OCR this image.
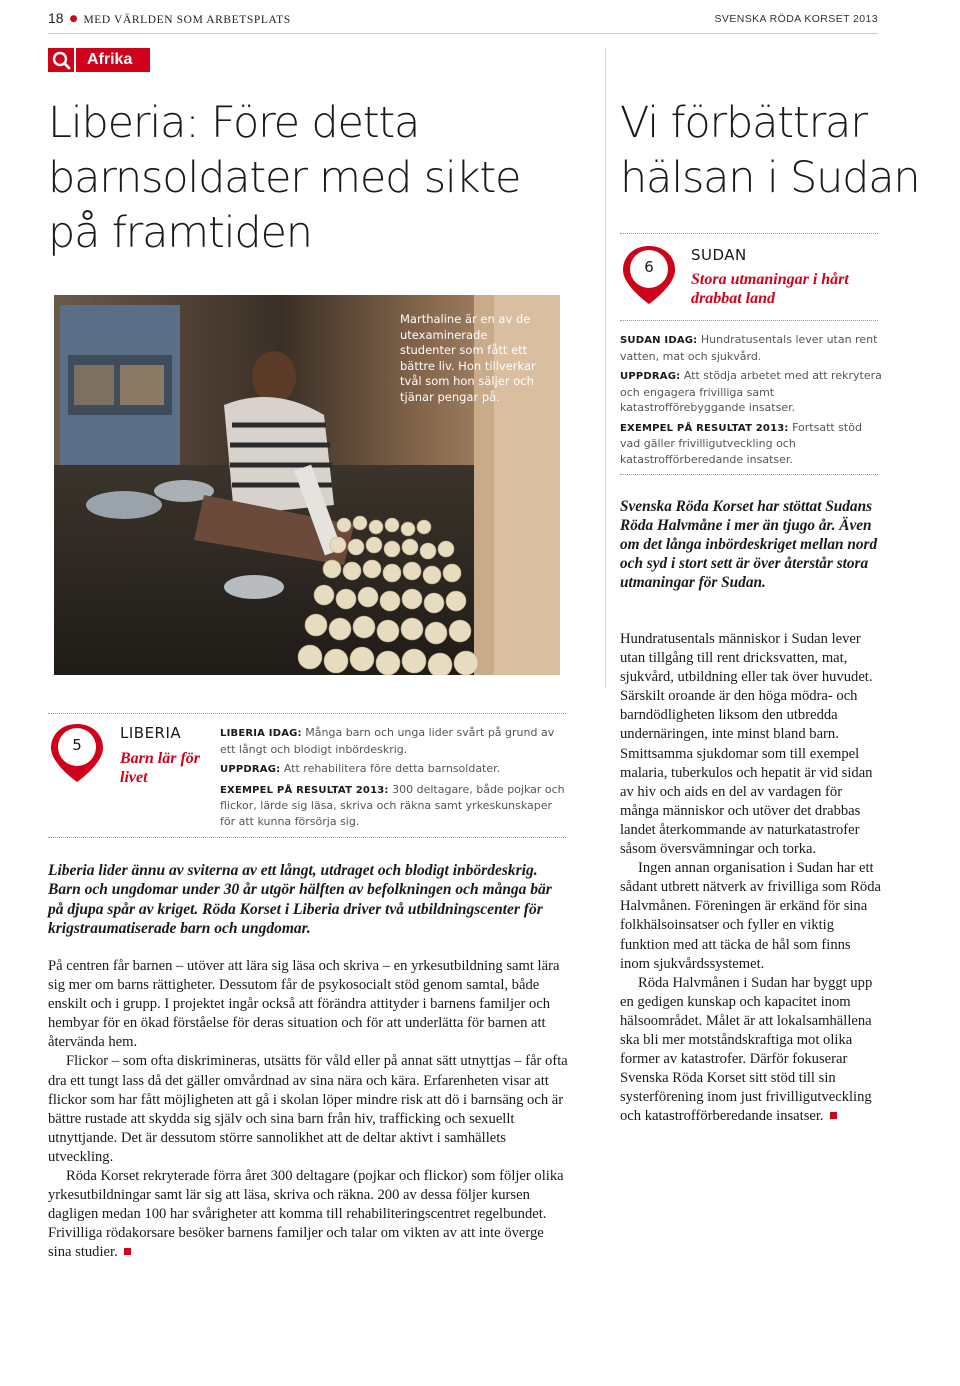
18 ● MED VÄRLDEN SOM ARBETSPLATS	SVENSKA RÖDA KORSET 2013
Afrika
Liberia: Före detta barnsoldater med sikte på framtiden
Vi förbättrar hälsan i Sudan
Marthaline är en av de utexaminerade studenter som fått ett bättre liv. Hon tillverkar tvål som hon säljer och tjänar pengar på.
6
SUDAN
Stora utmaningar i hårt drabbat land

SUDAN IDAG: Hundratusentals lever utan rent vatten, mat och sjukvård.

UPPDRAG: Att stödja arbetet med att rekrytera och engagera frivilliga samt katastrofförebyggande insatser.

EXEMPEL PÅ RESULTAT 2013: Fortsatt stöd vad gäller frivilligutveckling och katastrofförberedande insatser.

Svenska Röda Korset har stöttat Sudans Röda Halvmåne i mer än tjugo år. Även om det långa inbördeskriget mellan nord och syd i stort sett är över återstår stora utmaningar för Sudan.

Hundratusentals människor i Sudan lever utan tillgång till rent dricksvatten, mat, sjukvård, utbildning eller tak över huvudet. Särskilt oroande är den höga mödra- och barndödligheten liksom den utbredda undernäringen, inte minst bland barn. Smittsamma sjukdomar som till exempel malaria, tuberkulos och hepatit är vid sidan av hiv och aids en del av vardagen för många människor och utöver det drabbas landet återkommande av naturkatastrofer såsom översvämningar och torka.

Ingen annan organisation i Sudan har ett sådant utbrett nätverk av frivilliga som Röda Halvmånen. Föreningen är erkänd för sina folkhälsoinsatser och fyller en viktig funktion med att täcka de hål som finns inom sjukvårdssystemet.

Röda Halvmånen i Sudan har byggt upp en gedigen kunskap och kapacitet inom hälsoområdet. Målet är att lokalsamhällena ska bli mer motståndskraftiga mot olika former av katastrofer. Därför fokuserar Svenska Röda Korset sitt stöd till sin systerförening inom just frivilligutveckling och katastrofförberedande insatser.

5
LIBERIA
Barn lär för livet

LIBERIA IDAG: Många barn och unga lider svårt på grund av ett långt och blodigt inbördeskrig.

UPPDRAG: Att rehabilitera före detta barnsoldater.

EXEMPEL PÅ RESULTAT 2013: 300 deltagare, både pojkar och flickor, lärde sig läsa, skriva och räkna samt yrkeskunskaper för att kunna försörja sig.

Liberia lider ännu av sviterna av ett långt, utdraget och blodigt inbördeskrig. Barn och ungdomar under 30 år utgör hälften av befolkningen och många bär på djupa spår av kriget. Röda Korset i Liberia driver två utbildningscenter för krigstraumatiserade barn och ungdomar.

På centren får barnen – utöver att lära sig läsa och skriva – en yrkesutbildning samt lära sig mer om barns rättigheter. Dessutom får de psykosocialt stöd genom samtal, både enskilt och i grupp. I projektet ingår också att förändra attityder i barnens familjer och hembyar för en ökad förståelse för deras situation och för att underlätta för barnen att återvända hem.

Flickor – som ofta diskrimineras, utsätts för våld eller på annat sätt utnyttjas – får ofta dra ett tungt lass då det gäller omvårdnad av sina nära och kära. Erfarenheten visar att flickor som har fått möjligheten att gå i skolan löper mindre risk att dö i barnsäng och är bättre rustade att skydda sig själv och sina barn från hiv, trafficking och sexuellt utnyttjande. Det är dessutom större sannolikhet att de deltar aktivt i samhällets utveckling.

Röda Korset rekryterade förra året 300 deltagare (pojkar och flickor) som följer olika yrkesutbildningar samt lär sig att läsa, skriva och räkna. 200 av dessa följer kursen dagligen medan 100 har svårigheter att komma till rehabiliteringscentret regelbundet. Frivilliga rödakorsare besöker barnens familjer och talar om vikten av att inte överge sina studier.
